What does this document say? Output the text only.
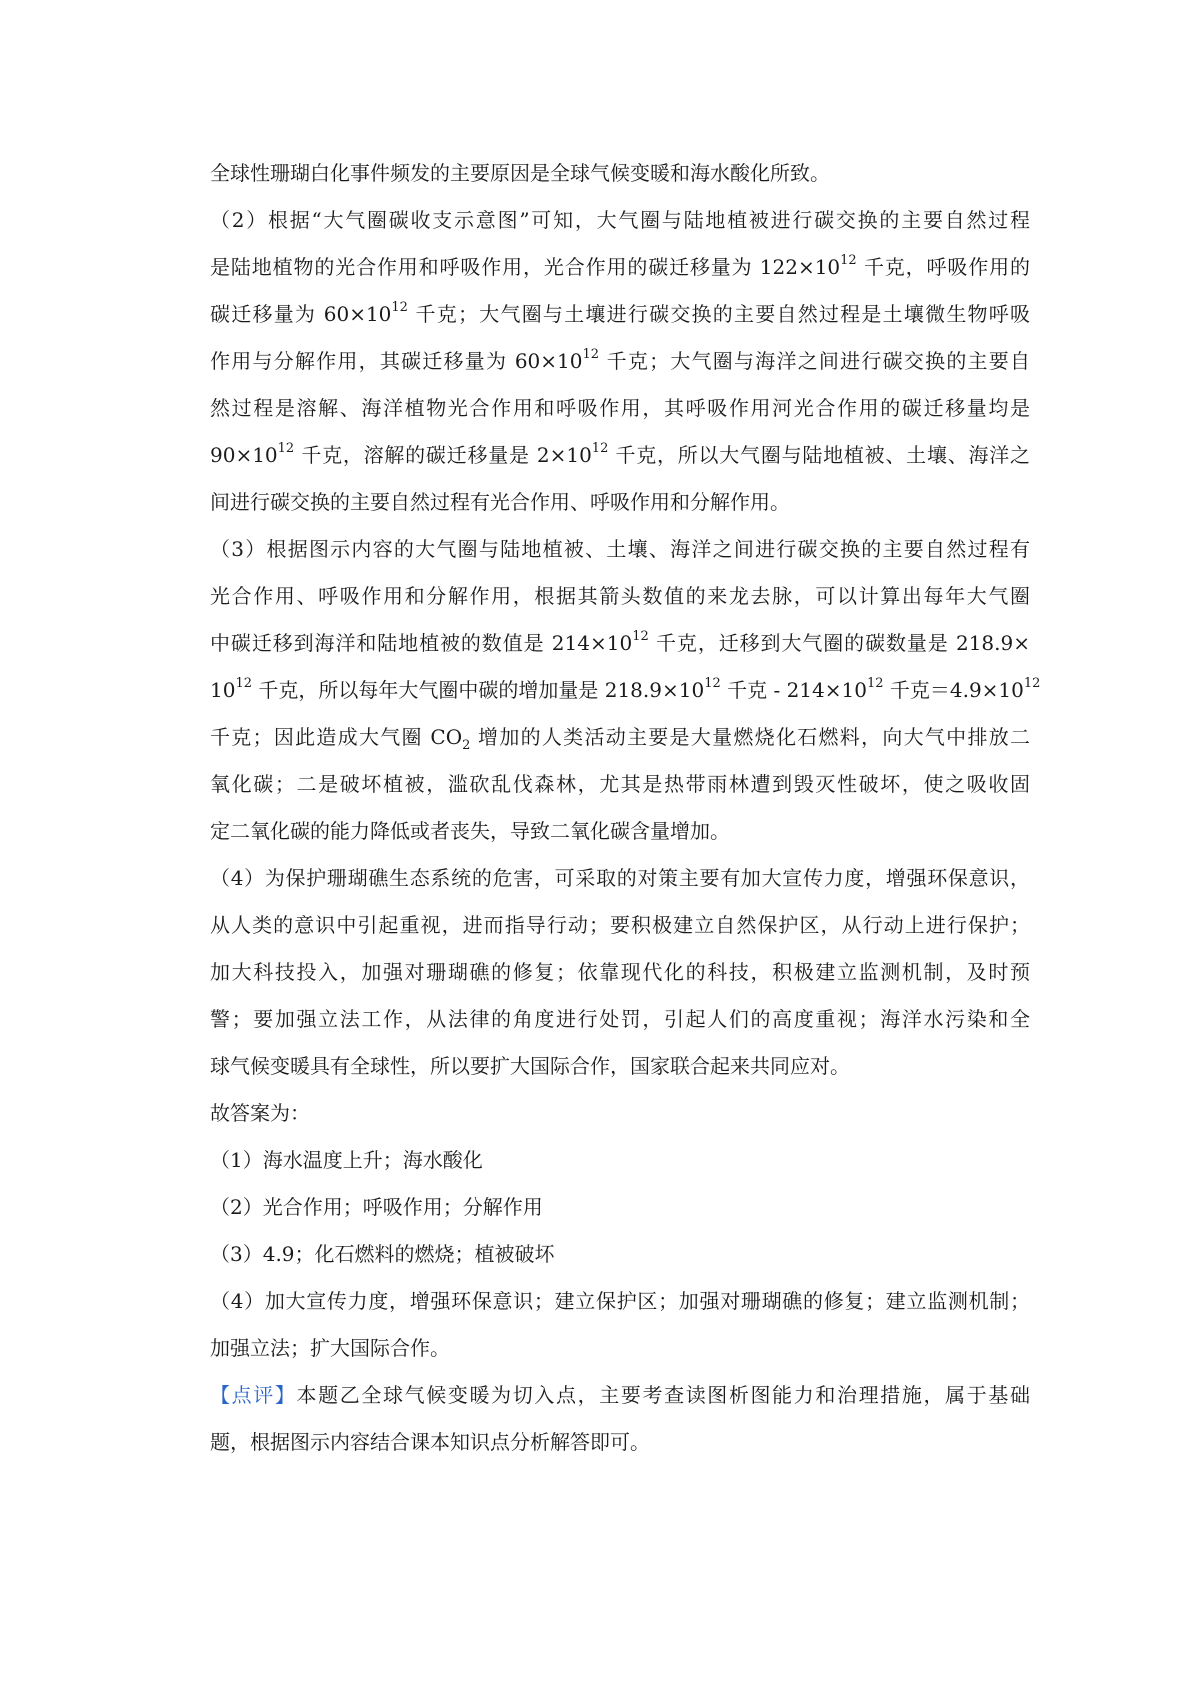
全球性珊瑚白化事件频发的主要原因是全球气候变暖和海水酸化所致。
（2）根据“大气圈碳收支示意图”可知，大气圈与陆地植被进行碳交换的主要自然过程
是陆地植物的光合作用和呼吸作用，光合作用的碳迁移量为 $122\times 10^{12}$ 千克，呼吸作用的
碳迁移量为 $60\times 10^{12}$ 千克；大气圈与土壤进行碳交换的主要自然过程是土壤微生物呼吸
作用与分解作用，其碳迁移量为 $60\times 10^{12}$ 千克；大气圈与海洋之间进行碳交换的主要自
然过程是溶解、海洋植物光合作用和呼吸作用，其呼吸作用河光合作用的碳迁移量均是
$90\times 10^{12}$ 千克，溶解的碳迁移量是 $2\times 10^{12}$ 千克，所以大气圈与陆地植被、土壤、海洋之
间进行碳交换的主要自然过程有光合作用、呼吸作用和分解作用。
（3）根据图示内容的大气圈与陆地植被、土壤、海洋之间进行碳交换的主要自然过程有
光合作用、呼吸作用和分解作用，根据其箭头数值的来龙去脉，可以计算出每年大气圈
中碳迁移到海洋和陆地植被的数值是 $214\times 10^{12}$ 千克，迁移到大气圈的碳数量是 218.9×
$10^{12}$ 千克，所以每年大气圈中碳的增加量是 $218.9\times 10^{12}$ 千克 - $214\times 10^{12}$ 千克$=4.9\times 10^{12}$
千克；因此造成大气圈 $CO_2$ 增加的人类活动主要是大量燃烧化石燃料，向大气中排放二
氧化碳；二是破坏植被，滥砍乱伐森林，尤其是热带雨林遭到毁灭性破坏，使之吸收固
定二氧化碳的能力降低或者丧失，导致二氧化碳含量增加。
（4）为保护珊瑚礁生态系统的危害，可采取的对策主要有加大宣传力度，增强环保意识，
从人类的意识中引起重视，进而指导行动；要积极建立自然保护区，从行动上进行保护；
加大科技投入，加强对珊瑚礁的修复；依靠现代化的科技，积极建立监测机制，及时预
警；要加强立法工作，从法律的角度进行处罚，引起人们的高度重视；海洋水污染和全
球气候变暖具有全球性，所以要扩大国际合作，国家联合起来共同应对。
故答案为：
（1）海水温度上升；海水酸化
（2）光合作用；呼吸作用；分解作用
（3）4.9；化石燃料的燃烧；植被破坏
（4）加大宣传力度，增强环保意识；建立保护区；加强对珊瑚礁的修复；建立监测机制；
加强立法；扩大国际合作。
【点评】本题乙全球气候变暖为切入点，主要考查读图析图能力和治理措施，属于基础
题，根据图示内容结合课本知识点分析解答即可。
